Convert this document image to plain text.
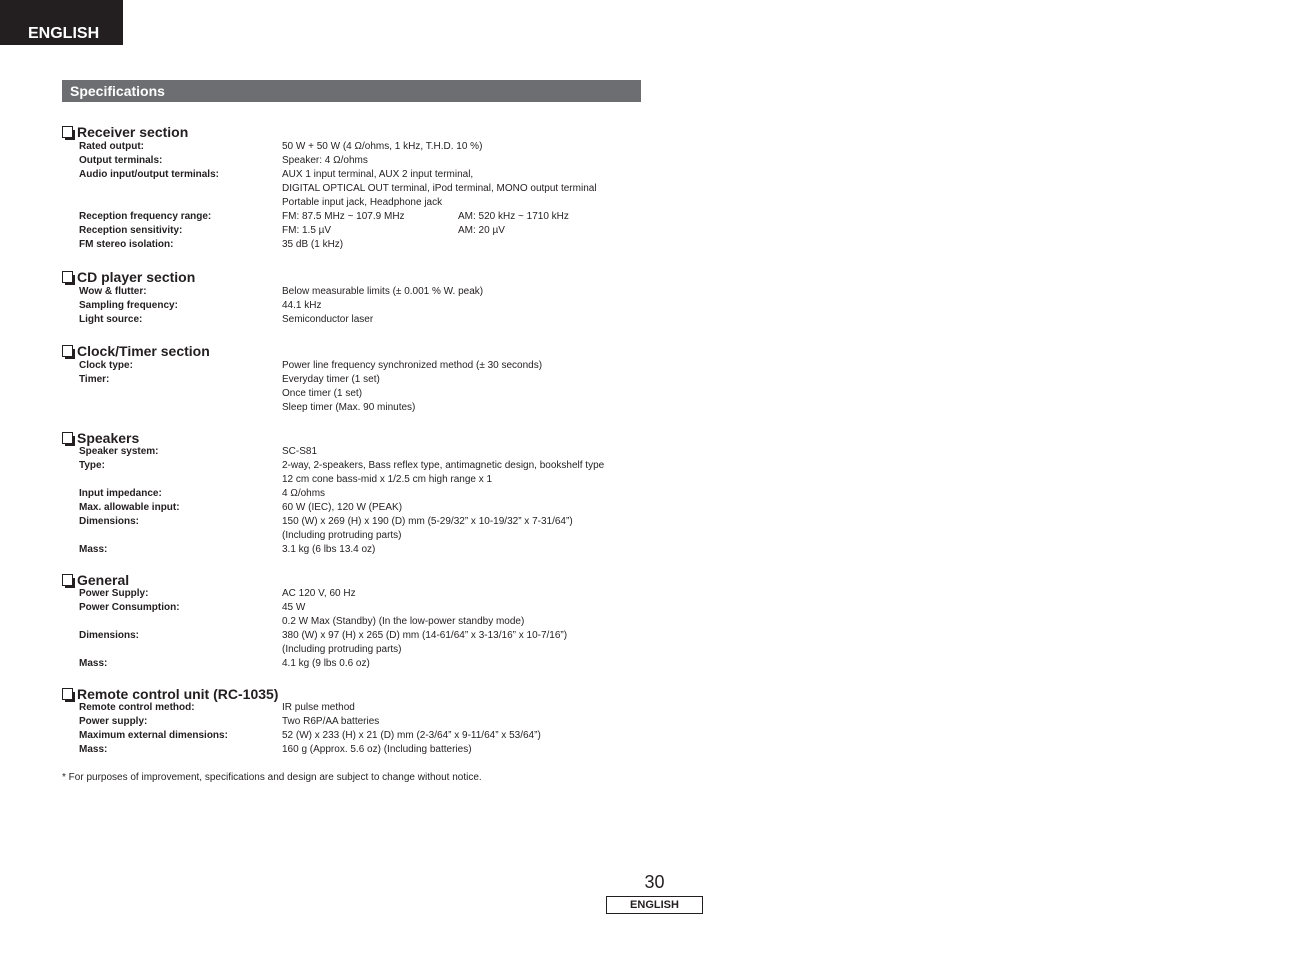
ENGLISH
Specifications
Receiver section
Rated output:	50 W + 50 W (4 Ω/ohms, 1 kHz, T.H.D. 10 %)
Output terminals:	Speaker: 4 Ω/ohms
Audio input/output terminals:	AUX 1 input terminal, AUX 2 input terminal,
DIGITAL OPTICAL OUT terminal, iPod terminal, MONO output terminal
Portable input jack, Headphone jack
Reception frequency range:	FM: 87.5 MHz ~ 107.9 MHz	AM: 520 kHz ~ 1710 kHz
Reception sensitivity:	FM: 1.5 µV	AM: 20 µV
FM stereo isolation:	35 dB (1 kHz)
CD player section
Wow & flutter:	Below measurable limits (± 0.001 % W. peak)
Sampling frequency:	44.1 kHz
Light source:	Semiconductor laser
Clock/Timer section
Clock type:	Power line frequency synchronized method (± 30 seconds)
Timer:	Everyday timer (1 set)
Once timer (1 set)
Sleep timer (Max. 90 minutes)
Speakers
Speaker system:	SC-S81
Type:	2-way, 2-speakers, Bass reflex type, antimagnetic design, bookshelf type
12 cm cone bass-mid x 1/2.5 cm high range x 1
Input impedance:	4 Ω/ohms
Max. allowable input:	60 W (IEC), 120 W (PEAK)
Dimensions:	150 (W) x 269 (H) x 190 (D) mm (5-29/32” x 10-19/32” x 7-31/64”)
(Including protruding parts)
Mass:	3.1 kg (6 lbs 13.4 oz)
General
Power Supply:	AC 120 V, 60 Hz
Power Consumption:	45 W
0.2 W Max (Standby) (In the low-power standby mode)
Dimensions:	380 (W) x 97 (H) x 265 (D) mm (14-61/64” x 3-13/16” x 10-7/16”)
(Including protruding parts)
Mass:	4.1 kg (9 lbs 0.6 oz)
Remote control unit (RC-1035)
Remote control method:	IR pulse method
Power supply:	Two R6P/AA batteries
Maximum external dimensions:	52 (W) x 233 (H) x 21 (D) mm (2-3/64” x 9-11/64” x 53/64”)
Mass:	160 g (Approx. 5.6 oz) (Including batteries)
* For purposes of improvement, specifications and design are subject to change without notice.
30
ENGLISH
